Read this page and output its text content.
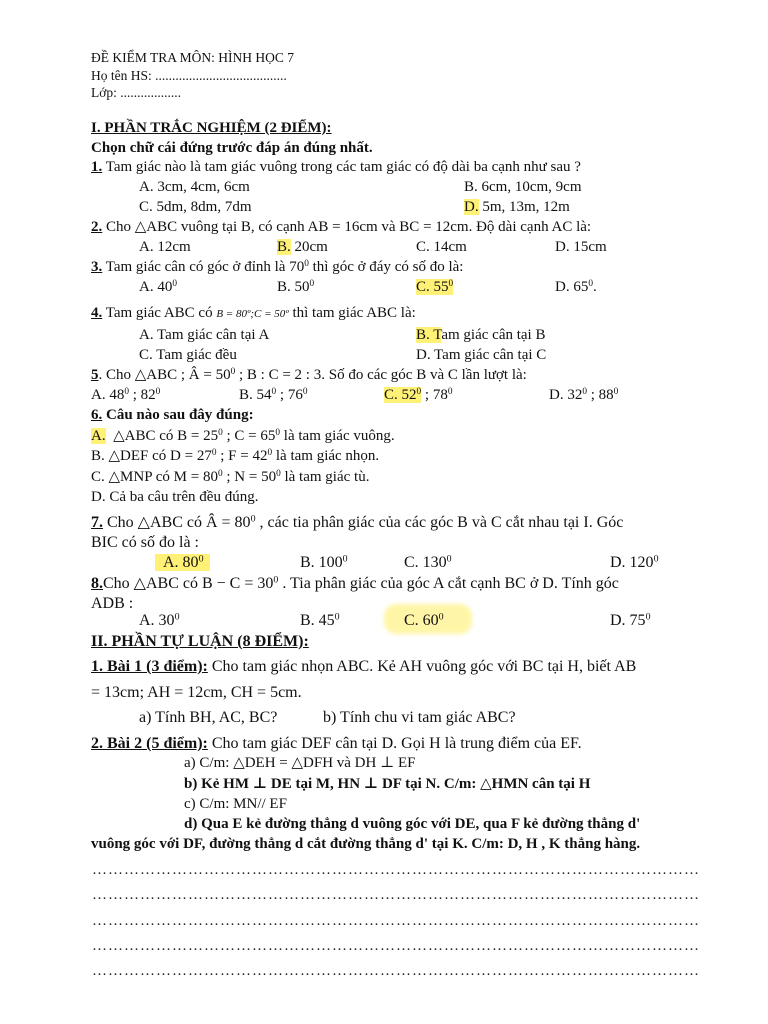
ĐỀ KIỂM TRA MÔN: HÌNH HỌC 7
Họ tên HS: .......................................
Lớp: ..................
I. PHẦN TRẮC NGHIỆM (2 ĐIỂM):
Chọn chữ cái đứng trước đáp án đúng nhất.
1. Tam giác nào là tam giác vuông trong các tam giác có độ dài ba cạnh như sau ?
A. 3cm, 4cm, 6cm	B. 6cm, 10cm, 9cm
C. 5dm, 8dm, 7dm	D. 5m, 13m, 12m
2. Cho △ABC vuông tại B, có cạnh AB = 16cm và BC = 12cm. Độ dài cạnh AC là:
A. 12cm	B. 20cm	C. 14cm	D. 15cm
3. Tam giác cân có góc ở đỉnh là $70^0$ thì góc ở đáy có số đo là:
A. $40^0$	B. $50^0$	C. $55^0$	D. $65^0$.
4. Tam giác ABC có B = 80º;C = 50º thì tam giác ABC là:
A. Tam giác cân tại A	B. Tam giác cân tại B
C. Tam giác đều	D. Tam giác cân tại C
5. Cho △ABC ; Â = $50^0$ ; B : C = 2 : 3. Số đo các góc B và C lần lượt là:
A. $48^0$ ; $82^0$	B. $54^0$ ; $76^0$	C. $52^0$ ; $78^0$	D. $32^0$ ; $88^0$
6. Câu nào sau đây đúng:
A. △ABC có $B = 25^0$ ; $C = 65^0$ là tam giác vuông.
B. △DEF có $D = 27^0$ ; $F = 42^0$ là tam giác nhọn.
C. △MNP có $M = 80^0$ ; $N = 50^0$ là tam giác tù.
D. Cả ba câu trên đều đúng.
7. Cho △ABC có Â = $80^0$ , các tia phân giác của các góc B và C cắt nhau tại I. Góc
BIC có số đo là :
A. $80^0$	B. $100^0$	C. $130^0$	D. $120^0$
8.Cho △ABC có $B - C = 30^0$ . Tia phân giác của góc A cắt cạnh BC ở D. Tính góc
ADB :
A. $30^0$	B. $45^0$	C. $60^0$	D. $75^0$
II. PHẦN TỰ LUẬN (8 ĐIỂM):
1. Bài 1 (3 điểm): Cho tam giác nhọn ABC. Kẻ AH vuông góc với BC tại H, biết AB
= 13cm; AH = 12cm, CH = 5cm.
a) Tính BH, AC, BC?	b) Tính chu vi tam giác ABC?
2. Bài 2 (5 điểm): Cho tam giác DEF cân tại D. Gọi H là trung điểm của EF.
a) C/m: △DEH = △DFH và DH ⊥ EF
b) Kẻ HM ⊥ DE tại M, HN ⊥ DF tại N. C/m: △HMN cân tại H
c) C/m: MN// EF
d) Qua E kẻ đường thẳng d vuông góc với DE, qua F kẻ đường thẳng d'
vuông góc với DF, đường thẳng d cắt đường thẳng d' tại K. C/m: D, H , K thẳng hàng.
……………………………………………………………………………………………………
……………………………………………………………………………………………………
……………………………………………………………………………………………………
……………………………………………………………………………………………………
……………………………………………………………………………………………………
